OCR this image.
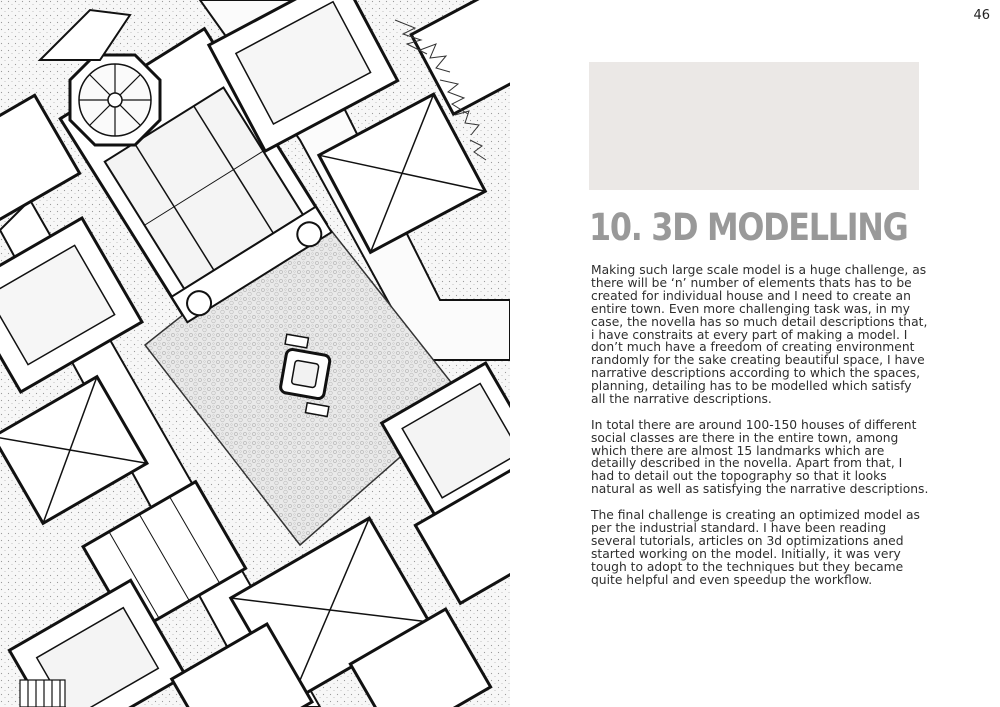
46
10. 3D MODELLING

Making such large scale model is a huge challenge, as there will be ‘n’ number of elements thats has to be created for individual house and I need to create an entire town. Even more challenging task was, in my case, the novella has so much detail descriptions that, i have constraits at every part of making a model. I don’t much have a freedom of creating environment randomly for the sake creating beautiful space, I have narrative descriptions according to which the spaces, planning, detailing has to be modelled which satisfy all the narrative descriptions.

In total there are around 100-150 houses of different social classes are there in the entire town, among which there are almost 15 landmarks which are detailly described in the novella. Apart from that, I had to detail out the topography so that it looks natural as well as satisfying the narrative descriptions.

The final challenge is creating an optimized model as per the industrial standard. I have been reading several tutorials, articles on 3d optimizations aned started working on the model. Initially, it was very tough to adopt to the techniques but they became quite helpful and even speedup the workflow.
